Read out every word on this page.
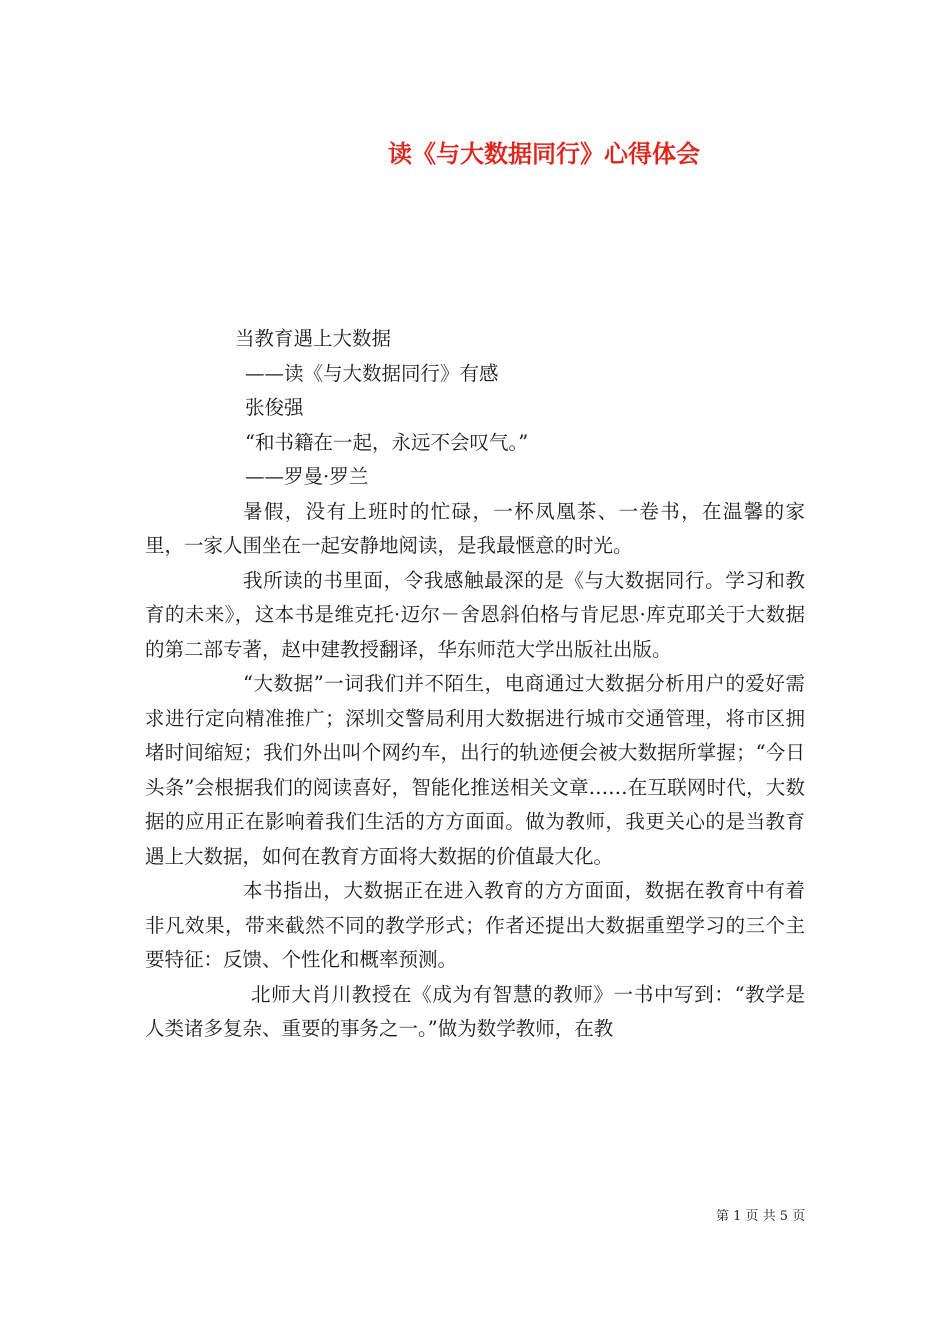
读《与大数据同行》心得体会
当教育遇上大数据
——读《与大数据同行》有感
张俊强
“和书籍在一起，永远不会叹气。”
——罗曼·罗兰
暑假，没有上班时的忙碌，一杯凤凰茶、一卷书，在温馨的家里，一家人围坐在一起安静地阅读，是我最惬意的时光。
我所读的书里面，令我感触最深的是《与大数据同行。学习和教育的未来》，这本书是维克托·迈尔－舍恩斜伯格与肯尼思·库克耶关于大数据的第二部专著，赵中建教授翻译，华东师范大学出版社出版。
“大数据”一词我们并不陌生，电商通过大数据分析用户的爱好需求进行定向精准推广；深圳交警局利用大数据进行城市交通管理，将市区拥堵时间缩短；我们外出叫个网约车，出行的轨迹便会被大数据所掌握；“今日头条”会根据我们的阅读喜好，智能化推送相关文章……在互联网时代，大数据的应用正在影响着我们生活的方方面面。做为教师，我更关心的是当教育遇上大数据，如何在教育方面将大数据的价值最大化。
本书指出，大数据正在进入教育的方方面面，数据在教育中有着非凡效果，带来截然不同的教学形式；作者还提出大数据重塑学习的三个主要特征：反馈、个性化和概率预测。
北师大肖川教授在《成为有智慧的教师》一书中写到：“教学是人类诸多复杂、重要的事务之一。”做为数学教师，在教
第 1 页 共 5 页
